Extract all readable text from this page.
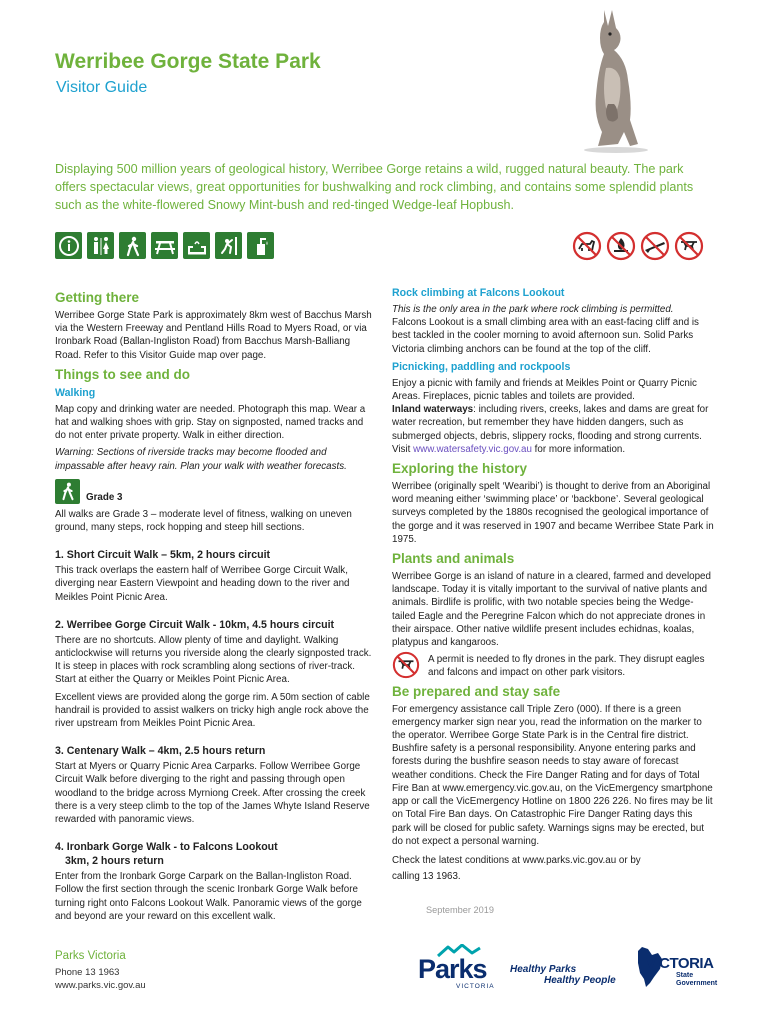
Werribee Gorge State Park
Visitor Guide
Displaying 500 million years of geological history, Werribee Gorge retains a wild, rugged natural beauty. The park offers spectacular views, great opportunities for bushwalking and rock climbing, and contains some splendid plants such as the white-flowered Snowy Mint-bush and red-tinged Wedge-leaf Hopbush.
Getting there

Werribee Gorge State Park is approximately 8km west of Bacchus Marsh via the Western Freeway and Pentland Hills Road to Myers Road, or via Ironbark Road (Ballan-Ingliston Road) from Bacchus Marsh-Balliang Road. Refer to this Visitor Guide map over page.

Things to see and do
Walking

Map copy and drinking water are needed. Photograph this map. Wear a hat and walking shoes with grip. Stay on signposted, named tracks and do not enter private property. Walk in either direction.

Warning: Sections of riverside tracks may become flooded and impassable after heavy rain. Plan your walk with weather forecasts.

Grade 3

All walks are Grade 3 – moderate level of fitness, walking on uneven ground, many steps, rock hopping and steep hill sections.

1. Short Circuit Walk – 5km, 2 hours circuit

This track overlaps the eastern half of Werribee Gorge Circuit Walk, diverging near Eastern Viewpoint and heading down to the river and Meikles Point Picnic Area.

2. Werribee Gorge Circuit Walk - 10km, 4.5 hours circuit

There are no shortcuts. Allow plenty of time and daylight. Walking anticlockwise will returns you riverside along the clearly signposted track. It is steep in places with rock scrambling along sections of river-track. Start at either the Quarry or Meikles Point Picnic Area.

Excellent views are provided along the gorge rim. A 50m section of cable handrail is provided to assist walkers on tricky high angle rock above the river upstream from Meikles Point Picnic Area.

3. Centenary Walk – 4km, 2.5 hours return

Start at Myers or Quarry Picnic Area Carparks. Follow Werribee Gorge Circuit Walk before diverging to the right and passing through open woodland to the bridge across Myrniong Creek. After crossing the creek there is a very steep climb to the top of the James Whyte Island Reserve rewarded with panoramic views.

4. Ironbark Gorge Walk - to Falcons Lookout
3km, 2 hours return

Enter from the Ironbark Gorge Carpark on the Ballan-Ingliston Road. Follow the first section through the scenic Ironbark Gorge Walk before turning right onto Falcons Lookout Walk. Panoramic views of the gorge and beyond are your reward on this excellent walk.

Rock climbing at Falcons Lookout

This is the only area in the park where rock climbing is permitted.

Falcons Lookout is a small climbing area with an east-facing cliff and is best tackled in the cooler morning to avoid afternoon sun. Solid Parks Victoria climbing anchors can be found at the top of the cliff.

Picnicking, paddling and rockpools

Enjoy a picnic with family and friends at Meikles Point or Quarry Picnic Areas. Fireplaces, picnic tables and toilets are provided.

Inland waterways: including rivers, creeks, lakes and dams are great for water recreation, but remember they have hidden dangers, such as submerged objects, debris, slippery rocks, flooding and strong currents. Visit www.watersafety.vic.gov.au for more information.

Exploring the history

Werribee (originally spelt ‘Wearibi’) is thought to derive from an Aboriginal word meaning either ‘swimming place’ or ‘backbone’. Several geological surveys completed by the 1880s recognised the geological importance of the gorge and it was reserved in 1907 and became Werribee State Park in 1975.

Plants and animals

Werribee Gorge is an island of nature in a cleared, farmed and developed landscape. Today it is vitally important to the survival of native plants and animals. Birdlife is prolific, with two notable species being the Wedge-tailed Eagle and the Peregrine Falcon which do not appreciate drones in their airspace. Other native wildlife present includes echidnas, koalas, platypus and kangaroos.

A permit is needed to fly drones in the park. They disrupt eagles and falcons and impact on other park visitors.

Be prepared and stay safe

For emergency assistance call Triple Zero (000). If there is a green emergency marker sign near you, read the information on the marker to the operator. Werribee Gorge State Park is in the Central fire district. Bushfire safety is a personal responsibility. Anyone entering parks and forests during the bushfire season needs to stay aware of forecast weather conditions. Check the Fire Danger Rating and for days of Total Fire Ban at www.emergency.vic.gov.au, on the VicEmergency smartphone app or call the VicEmergency Hotline on 1800 226 226. No fires may be lit on Total Fire Ban days. On Catastrophic Fire Danger Rating days this park will be closed for public safety. Warnings signs may be erected, but do not expect a personal warning.

Check the latest conditions at www.parks.vic.gov.au or by

calling 13 1963.

September 2019
Parks Victoria
Phone 13 1963
www.parks.vic.gov.au
Parks
VICTORIA
Healthy Parks
Healthy People
VICTORIA
State
Government
